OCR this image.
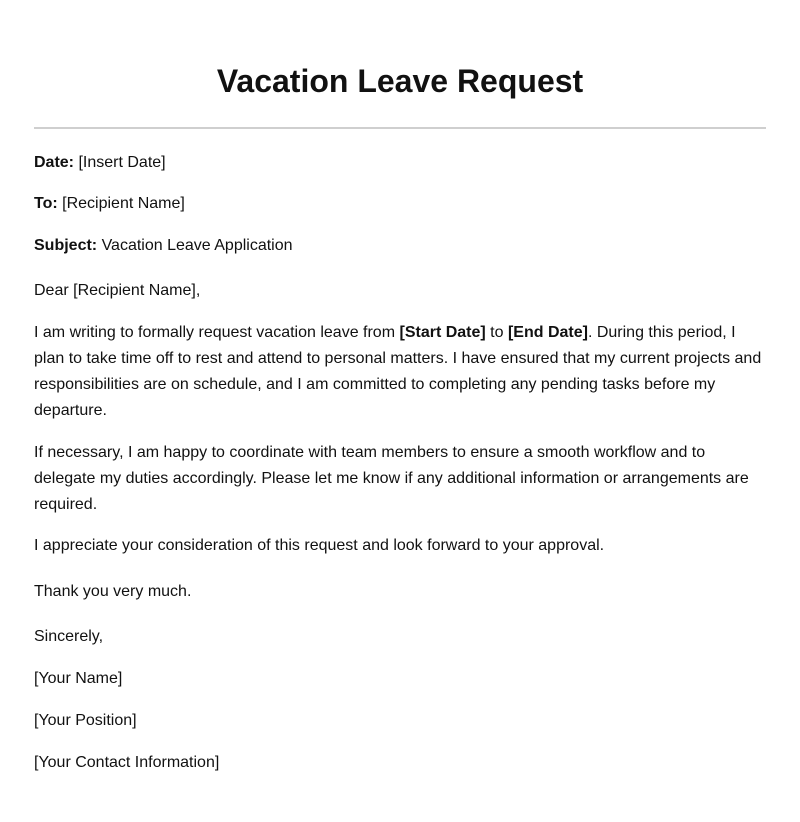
Vacation Leave Request

Date: [Insert Date]

To: [Recipient Name]

Subject: Vacation Leave Application

Dear [Recipient Name],

I am writing to formally request vacation leave from [Start Date] to [End Date]. During this period, I plan to take time off to rest and attend to personal matters. I have ensured that my current projects and responsibilities are on schedule, and I am committed to completing any pending tasks before my departure.

If necessary, I am happy to coordinate with team members to ensure a smooth workflow and to delegate my duties accordingly. Please let me know if any additional information or arrangements are required.

I appreciate your consideration of this request and look forward to your approval.

Thank you very much.

Sincerely,

[Your Name]

[Your Position]

[Your Contact Information]
